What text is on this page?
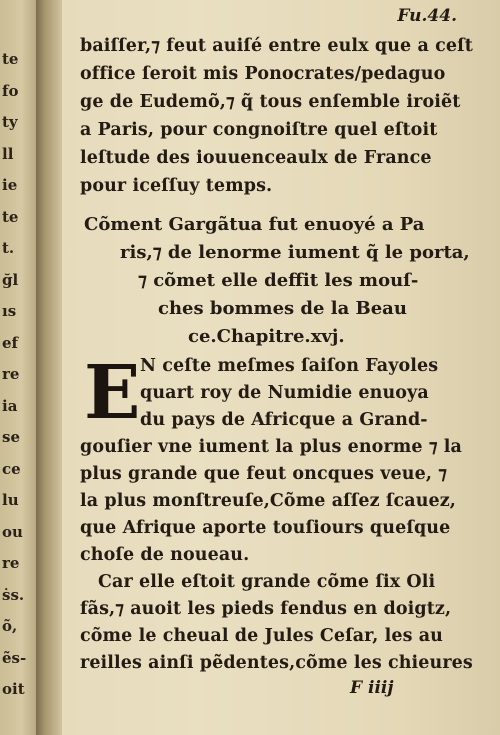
te
fo
ty
ll
ie
te
t.
ğl
ıs
ef
re
ia
se
ce
lu
ou
re
ṡs.
õ,
ẽs-
oit
Fu.44.
baiſſer,⁊ feut auiſé entre eulx que a ceſt
office ſeroit mis Ponocrates/pedaguo
ge de Eudemõ,⁊ q̃ tous enſemble iroiẽt
a Paris, pour congnoiſtre quel eſtoit
leſtude des iouuenceaulx de France
pour iceſſuy temps.
Cõment Gargãtua fut enuoyé a Pa
ris,⁊ de lenorme iument q̃ le porta,
⁊ cõmet elle deffit les mouſ-
ches bommes de la Beau
ce.Chapitre.xvj.
E N ceſte meſmes ſaiſon Fayoles
quart roy de Numidie enuoya
du pays de Africque a Grand-
gouſier vne iument la plus enorme ⁊ la
plus grande que feut oncques veue, ⁊
la plus monſtreuſe,Cõme aſſez ſcauez,
que Afrique aporte touſiours queſque
choſe de noueau.
Car elle eſtoit grande cõme ſix Oli
fãs,⁊ auoit les pieds fendus en doigtz,
cõme le cheual de Jules Ceſar, les au
reilles ainſi pẽdentes,cõme les chieures
F iiij
